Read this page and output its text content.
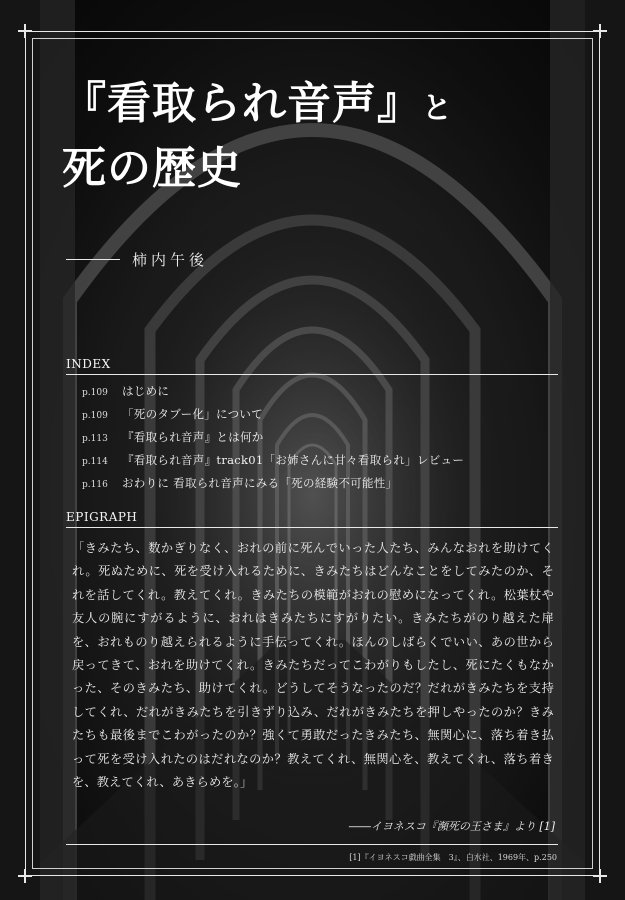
『看取られ音声』と
死の歴史
柿内午後
INDEX
p.109	はじめに
p.109	「死のタブー化」について
p.113	『看取られ音声』とは何か
p.114	『看取られ音声』track01「お姉さんに甘々看取られ」レビュー
p.116	おわりに 看取られ音声にみる「死の経験不可能性」
EPIGRAPH

「きみたち、数かぎりなく、おれの前に死んでいった人たち、みんなおれを助けてくれ。死ぬために、死を受け入れるために、きみたちはどんなことをしてみたのか、それを話してくれ。教えてくれ。きみたちの模範がおれの慰めになってくれ。松葉杖や友人の腕にすがるように、おれはきみたちにすがりたい。きみたちがのり越えた扉を、おれものり越えられるように手伝ってくれ。ほんのしばらくでいい、あの世から戻ってきて、おれを助けてくれ。きみたちだってこわがりもしたし、死にたくもなかった、そのきみたち、助けてくれ。どうしてそうなったのだ？だれがきみたちを支持してくれ、だれがきみたちを引きずり込み、だれがきみたちを押しやったのか？きみたちも最後までこわがったのか？強くて勇敢だったきみたち、無関心に、落ち着き払って死を受け入れたのはだれなのか？教えてくれ、無関心を、教えてくれ、落ち着きを、教えてくれ、あきらめを。」

――イヨネスコ『瀕死の王さま』より [1]
[1]『イヨネスコ戯曲全集　3』、白水社、1969年、p.250
